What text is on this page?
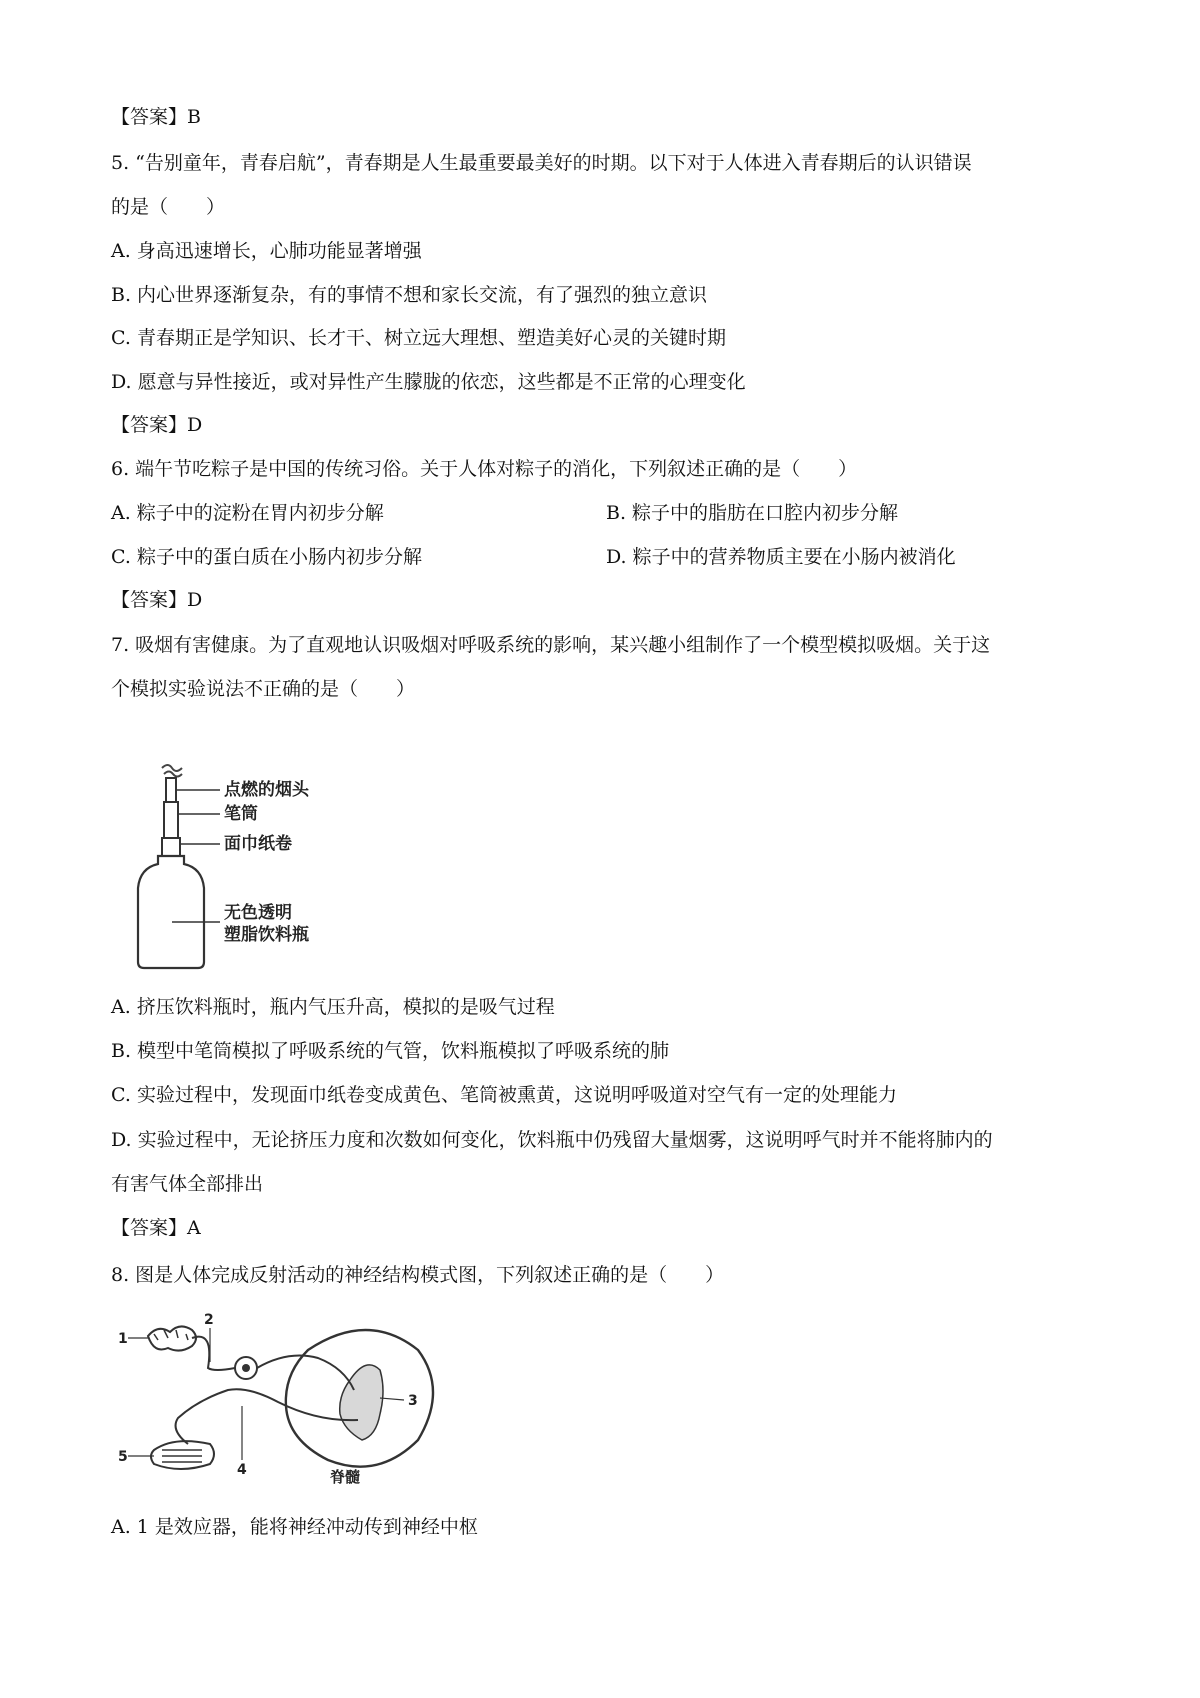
【答案】B
5. “告别童年，青春启航”，青春期是人生最重要最美好的时期。以下对于人体进入青春期后的认识错误
的是（　　）
A. 身高迅速增长，心肺功能显著增强
B. 内心世界逐渐复杂，有的事情不想和家长交流，有了强烈的独立意识
C. 青春期正是学知识、长才干、树立远大理想、塑造美好心灵的关键时期
D. 愿意与异性接近，或对异性产生朦胧的依恋，这些都是不正常的心理变化
【答案】D
6. 端午节吃粽子是中国的传统习俗。关于人体对粽子的消化，下列叙述正确的是（　　）
A. 粽子中的淀粉在胃内初步分解	B. 粽子中的脂肪在口腔内初步分解
C. 粽子中的蛋白质在小肠内初步分解	D. 粽子中的营养物质主要在小肠内被消化
【答案】D
7. 吸烟有害健康。为了直观地认识吸烟对呼吸系统的影响，某兴趣小组制作了一个模型模拟吸烟。关于这
个模拟实验说法不正确的是（　　）
点燃的烟头
笔筒
面巾纸卷
无色透明
塑脂饮料瓶
A. 挤压饮料瓶时，瓶内气压升高，模拟的是吸气过程
B. 模型中笔筒模拟了呼吸系统的气管，饮料瓶模拟了呼吸系统的肺
C. 实验过程中，发现面巾纸卷变成黄色、笔筒被熏黄，这说明呼吸道对空气有一定的处理能力
D. 实验过程中，无论挤压力度和次数如何变化，饮料瓶中仍残留大量烟雾，这说明呼气时并不能将肺内的
有害气体全部排出
【答案】A
8. 图是人体完成反射活动的神经结构模式图，下列叙述正确的是（　　）
1
2
3
4
5
脊髓
A. 1 是效应器，能将神经冲动传到神经中枢
